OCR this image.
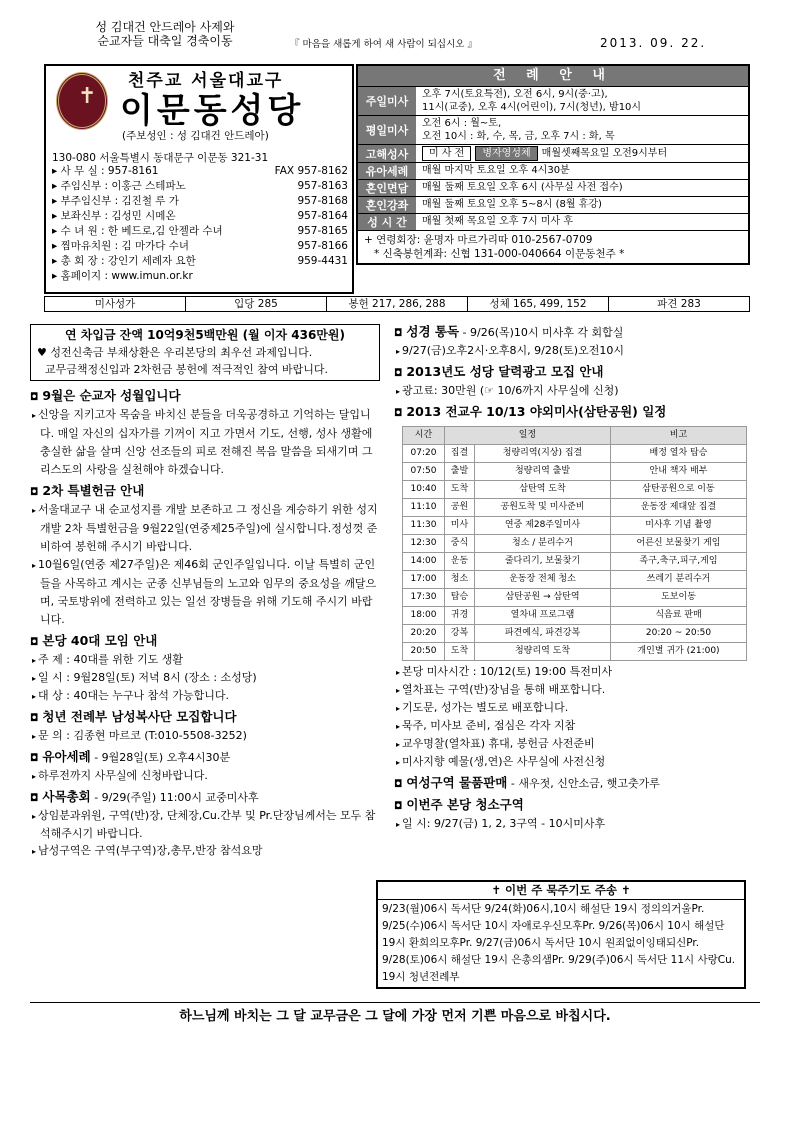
성 김대건 안드레아 사제와
순교자들 대축일 경축이동	『 마음을 새롭게 하여 새 사람이 되십시오 』	2013. 09. 22.
✝
천주교 서울대교구
이문동성당
(주보성인 : 성 김대건 안드레아)
130-080 서울특별시 동대문구 이문동 321-31
▸ 사 무 실 : 957-8161	FAX 957-8162
▸ 주임신부 : 이홍근 스테파노	957-8163
▸ 부주임신부 : 김진철 루 가	957-8168
▸ 보좌신부 : 김성민 시메온	957-8164
▸ 수 녀 원 : 한 베드로,김 안젤라 수녀	957-8165
▸ 찜마유치원 : 김 마가다 수녀	957-8166
▸ 총 회 장 : 강인기 세례자 요한	959-4431
▸ 홈페이지 : www.imun.or.kr
전 례 안 내
주일미사
오후 7시(토요특전), 오전 6시, 9시(중·고),
11시(교중), 오후 4시(어린이), 7시(청년), 밤10시
평일미사
오전 6시 : 월~토,
오전 10시 : 화, 수, 목, 금, 오후 7시 : 화, 목
고해성사	미 사 전 병자영성체 매월셋째목요일 오전9시부터
유아세례	매월 마지막 토요일 오후 4시30분
혼인면담	매월 둘째 토요일 오후 6시 (사무실 사전 접수)
혼인강좌	매월 둘째 토요일 오후 5~8시 (8월 휴강)
성 시 간	매월 첫째 목요일 오후 7시 미사 후
+ 연령회장: 윤명자 마르가리따 010-2567-0709
* 신축봉헌계좌: 신협 131-000-040664 이문동천주 *
미사성가	입당 285	봉헌 217, 286, 288	성체 165, 499, 152	파견 283
연 차입금 잔액 10억9천5백만원 (월 이자 436만원)
♥ 성전신축금 부채상환은 우리본당의 최우선 과제입니다.
교무금책정신입과 2차헌금 봉헌에 적극적인 참여 바랍니다.
◘ 9월은 순교자 성월입니다
▸ 신앙을 지키고자 목숨을 바치신 분들을 더욱공경하고 기억하는 달입니다. 매일 자신의 십자가를 기꺼이 지고 가면서 기도, 선행, 성사 생활에 충실한 삶을 살며 신앙 선조들의 피로 전해진 복음 말씀을 되새기며 그리스도의 사랑을 실천해야 하겠습니다.
◘ 2차 특별헌금 안내
▸ 서울대교구 내 순교성지를 개발 보존하고 그 정신을 계승하기 위한 성지개발 2차 특별헌금을 9월22일(연중제25주일)에 실시합니다.정성껏 준비하여 봉헌해 주시기 바랍니다.
▸ 10월6일(연중 제27주일)은 제46회 군인주일입니다. 이날 특별히 군인들을 사목하고 계시는 군종 신부님들의 노고와 임무의 중요성을 깨달으며, 국토방위에 전력하고 있는 일선 장병들을 위해 기도해 주시기 바랍니다.
◘ 본당 40대 모임 안내
▸ 주 제 : 40대를 위한 기도 생활
▸ 일 시 : 9월28일(토) 저녁 8시 (장소 : 소성당)
▸ 대 상 : 40대는 누구나 참석 가능합니다.
◘ 청년 전례부 남성복사단 모집합니다
▸ 문 의 : 김종현 마르코 (T:010-5508-3252)
◘ 유아세례 - 9월28일(토) 오후4시30분
▸ 하루전까지 사무실에 신청바랍니다.
◘ 사목총회 - 9/29(주일) 11:00시 교중미사후
▸ 상임분과위원, 구역(반)장, 단체장,Cu.간부 및 Pr.단장님께서는 모두 참석해주시기 바랍니다.
▸ 남성구역은 구역(부구역)장,총무,반장 참석요망
◘ 성경 통독 - 9/26(목)10시 미사후 각 회합실
▸ 9/27(금)오후2시·오후8시, 9/28(토)오전10시
◘ 2013년도 성당 달력광고 모집 안내
▸ 광고료: 30만원 (☞ 10/6까지 사무실에 신청)
◘ 2013 전교우 10/13 야외미사(삼탄공원) 일정
시간	일정		비고
07:20	집결	청량리역(지상) 집결	배정 열차 탑승
07:50	출발	청량리역 출발	안내 책자 배부
10:40	도착	삼탄역 도착	삼탄공원으로 이동
11:10	공원	공원도착 및 미사준비	운동장 제대앞 집결
11:30	미사	연중 제28주일미사	미사후 기념 촬영
12:30	중식	청소 / 분리수거	어른신 보물찾기 게임
14:00	운동	줄다리기, 보물찾기	족구,축구,피구,게임
17:00	청소	운동장 전체 청소	쓰레기 분리수거
17:30	탑승	삼탄공원 → 삼탄역	도보이동
18:00	귀경	열차내 프로그램	식음료 판매
20:20	강복	파견예식, 파견강복	20:20 ~ 20:50
20:50	도착	청량리역 도착	개인별 귀가 (21:00)
▸ 본당 미사시간 : 10/12(토) 19:00 특전미사
▸ 열차표는 구역(반)장님을 통해 배포합니다.
▸ 기도문, 성가는 별도로 배포합니다.
▸ 묵주, 미사보 준비, 점심은 각자 지참
▸ 교우명찰(열차표) 휴대, 봉헌금 사전준비
▸ 미사지향 예물(생,연)은 사무실에 사전신청
◘ 여성구역 물품판매 - 새우젓, 신안소금, 햇고춧가루
◘ 이번주 본당 청소구역
▸ 일 시: 9/27(금) 1, 2, 3구역 - 10시미사후
✝ 이번 주 묵주기도 주송 ✝
9/23(월)06시 독서단 9/24(화)06시,10시 해설단 19시 정의의거울Pr. 9/25(수)06시 독서단 10시 자애로우신모후Pr. 9/26(목)06시 10시 해설단 19시 환희의모후Pr. 9/27(금)06시 독서단 10시 원죄없이잉태되신Pr. 9/28(토)06시 해설단 19시 은총의샘Pr. 9/29(주)06시 독서단 11시 사랑Cu. 19시 청년전례부
하느님께 바치는 그 달 교무금은 그 달에 가장 먼저 기쁜 마음으로 바칩시다.
